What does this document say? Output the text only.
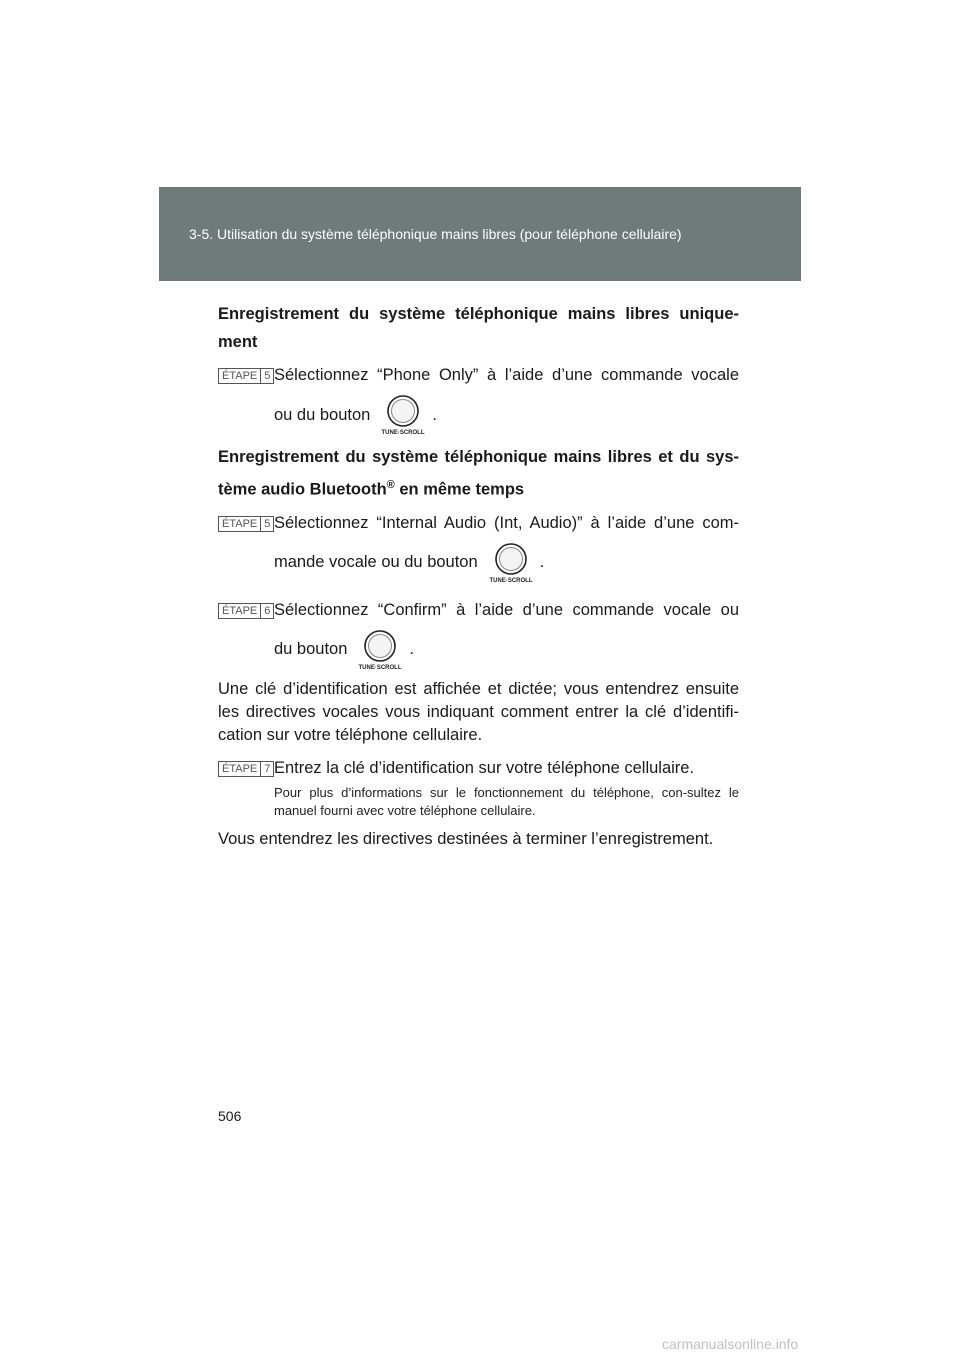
3-5. Utilisation du système téléphonique mains libres (pour téléphone cellulaire)
Enregistrement du système téléphonique mains libres unique-ment
ÉTAPE 5 Sélectionnez “Phone Only” à l’aide d’une commande vocale
ou du bouton
TUNE·SCROLL
.
Enregistrement du système téléphonique mains libres et du sys-tème audio Bluetooth® en même temps
ÉTAPE 5 Sélectionnez “Internal Audio (Int, Audio)” à l’aide d’une com-
mande vocale ou du bouton
TUNE·SCROLL
.
ÉTAPE 6 Sélectionnez “Confirm” à l’aide d’une commande vocale ou
du bouton
TUNE·SCROLL
.
Une clé d’identification est affichée et dictée; vous entendrez ensuite les directives vocales vous indiquant comment entrer la clé d’identifi-cation sur votre téléphone cellulaire.
ÉTAPE 7 Entrez la clé d’identification sur votre téléphone cellulaire.
Pour plus d’informations sur le fonctionnement du téléphone, con-sultez le manuel fourni avec votre téléphone cellulaire.
Vous entendrez les directives destinées à terminer l’enregistrement.
506
carmanualsonline.info
